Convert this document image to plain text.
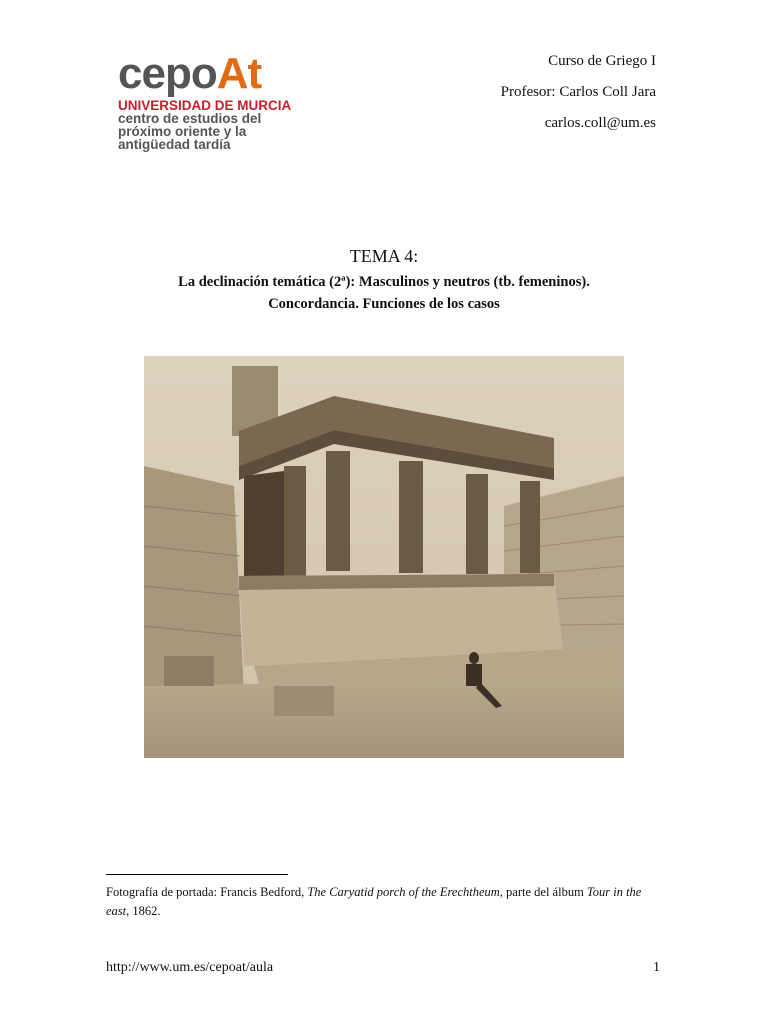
cepoAt
UNIVERSIDAD DE MURCIA
centro de estudios del
próximo oriente y la
antigüedad tardía
Curso de Griego I
Profesor: Carlos Coll Jara
carlos.coll@um.es
TEMA 4:
La declinación temática (2ª): Masculinos y neutros (tb. femeninos).
Concordancia. Funciones de los casos
Fotografía de portada: Francis Bedford, The Caryatid porch of the Erechtheum, parte del álbum Tour in the east, 1862.
http://www.um.es/cepoat/aula	1
